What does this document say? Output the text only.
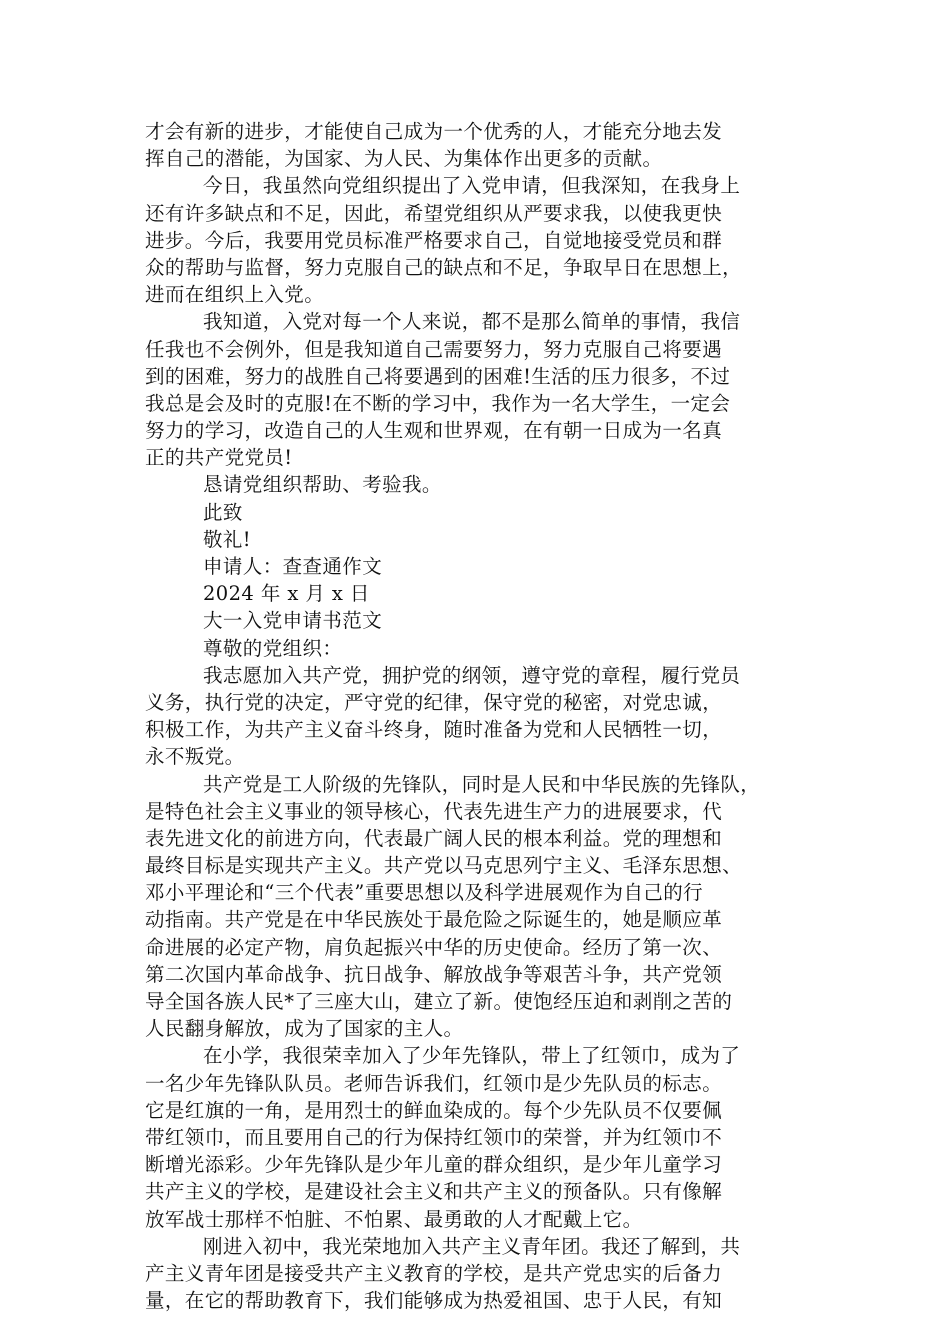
才会有新的进步，才能使自己成为一个优秀的人，才能充分地去发
挥自己的潜能，为国家、为人民、为集体作出更多的贡献。
今日，我虽然向党组织提出了入党申请，但我深知，在我身上
还有许多缺点和不足，因此，希望党组织从严要求我，以使我更快
进步。今后，我要用党员标准严格要求自己，自觉地接受党员和群
众的帮助与监督，努力克服自己的缺点和不足，争取早日在思想上，
进而在组织上入党。
我知道，入党对每一个人来说，都不是那么简单的事情，我信
任我也不会例外，但是我知道自己需要努力，努力克服自己将要遇
到的困难，努力的战胜自己将要遇到的困难!生活的压力很多，不过
我总是会及时的克服!在不断的学习中，我作为一名大学生，一定会
努力的学习，改造自己的人生观和世界观，在有朝一日成为一名真
正的共产党党员!
恳请党组织帮助、考验我。
此致
敬礼!
申请人：查查通作文
2024 年 x 月 x 日
大一入党申请书范文
尊敬的党组织：
我志愿加入共产党，拥护党的纲领，遵守党的章程，履行党员
义务，执行党的决定，严守党的纪律，保守党的秘密，对党忠诚，
积极工作，为共产主义奋斗终身，随时准备为党和人民牺牲一切，
永不叛党。
共产党是工人阶级的先锋队，同时是人民和中华民族的先锋队，
是特色社会主义事业的领导核心，代表先进生产力的进展要求，代
表先进文化的前进方向，代表最广阔人民的根本利益。党的理想和
最终目标是实现共产主义。共产党以马克思列宁主义、毛泽东思想、
邓小平理论和“三个代表”重要思想以及科学进展观作为自己的行
动指南。共产党是在中华民族处于最危险之际诞生的，她是顺应革
命进展的必定产物，肩负起振兴中华的历史使命。经历了第一次、
第二次国内革命战争、抗日战争、解放战争等艰苦斗争，共产党领
导全国各族人民*了三座大山，建立了新。使饱经压迫和剥削之苦的
人民翻身解放，成为了国家的主人。
在小学，我很荣幸加入了少年先锋队，带上了红领巾，成为了
一名少年先锋队队员。老师告诉我们，红领巾是少先队员的标志。
它是红旗的一角，是用烈士的鲜血染成的。每个少先队员不仅要佩
带红领巾，而且要用自己的行为保持红领巾的荣誉，并为红领巾不
断增光添彩。少年先锋队是少年儿童的群众组织，是少年儿童学习
共产主义的学校，是建设社会主义和共产主义的预备队。只有像解
放军战士那样不怕脏、不怕累、最勇敢的人才配戴上它。
刚进入初中，我光荣地加入共产主义青年团。我还了解到，共
产主义青年团是接受共产主义教育的学校，是共产党忠实的后备力
量，在它的帮助教育下，我们能够成为热爱祖国、忠于人民，有知
